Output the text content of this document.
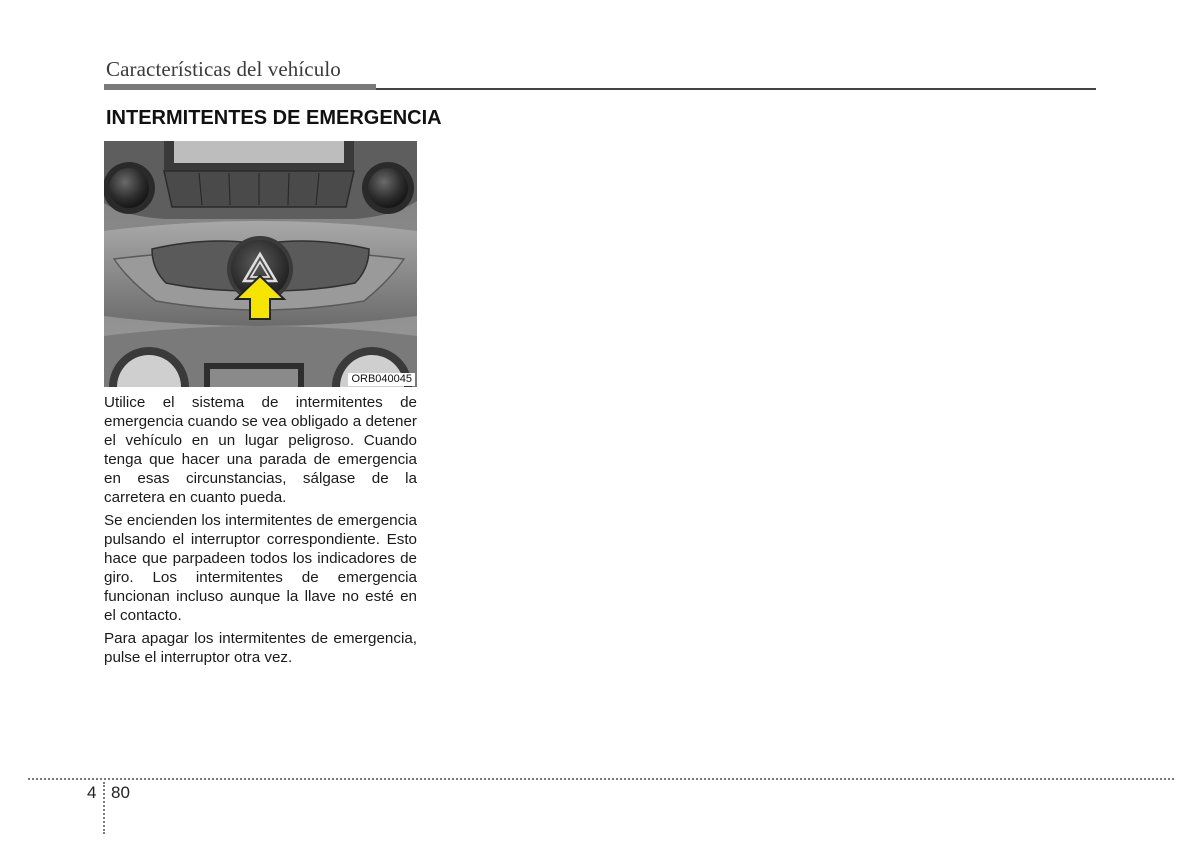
Características del vehículo
INTERMITENTES DE EMERGENCIA
ORB040045

Utilice el sistema de intermitentes de emergencia cuando se vea obligado a detener el vehículo en un lugar peligroso. Cuando tenga que hacer una parada de emergencia en esas circunstancias, sálgase de la carretera en cuanto pueda.

Se encienden los intermitentes de emergencia pulsando el interruptor correspondiente. Esto hace que parpadeen todos los indicadores de giro. Los intermitentes de emergencia funcionan incluso aunque la llave no esté en el contacto.

Para apagar los intermitentes de emergencia, pulse el interruptor otra vez.

4 80
